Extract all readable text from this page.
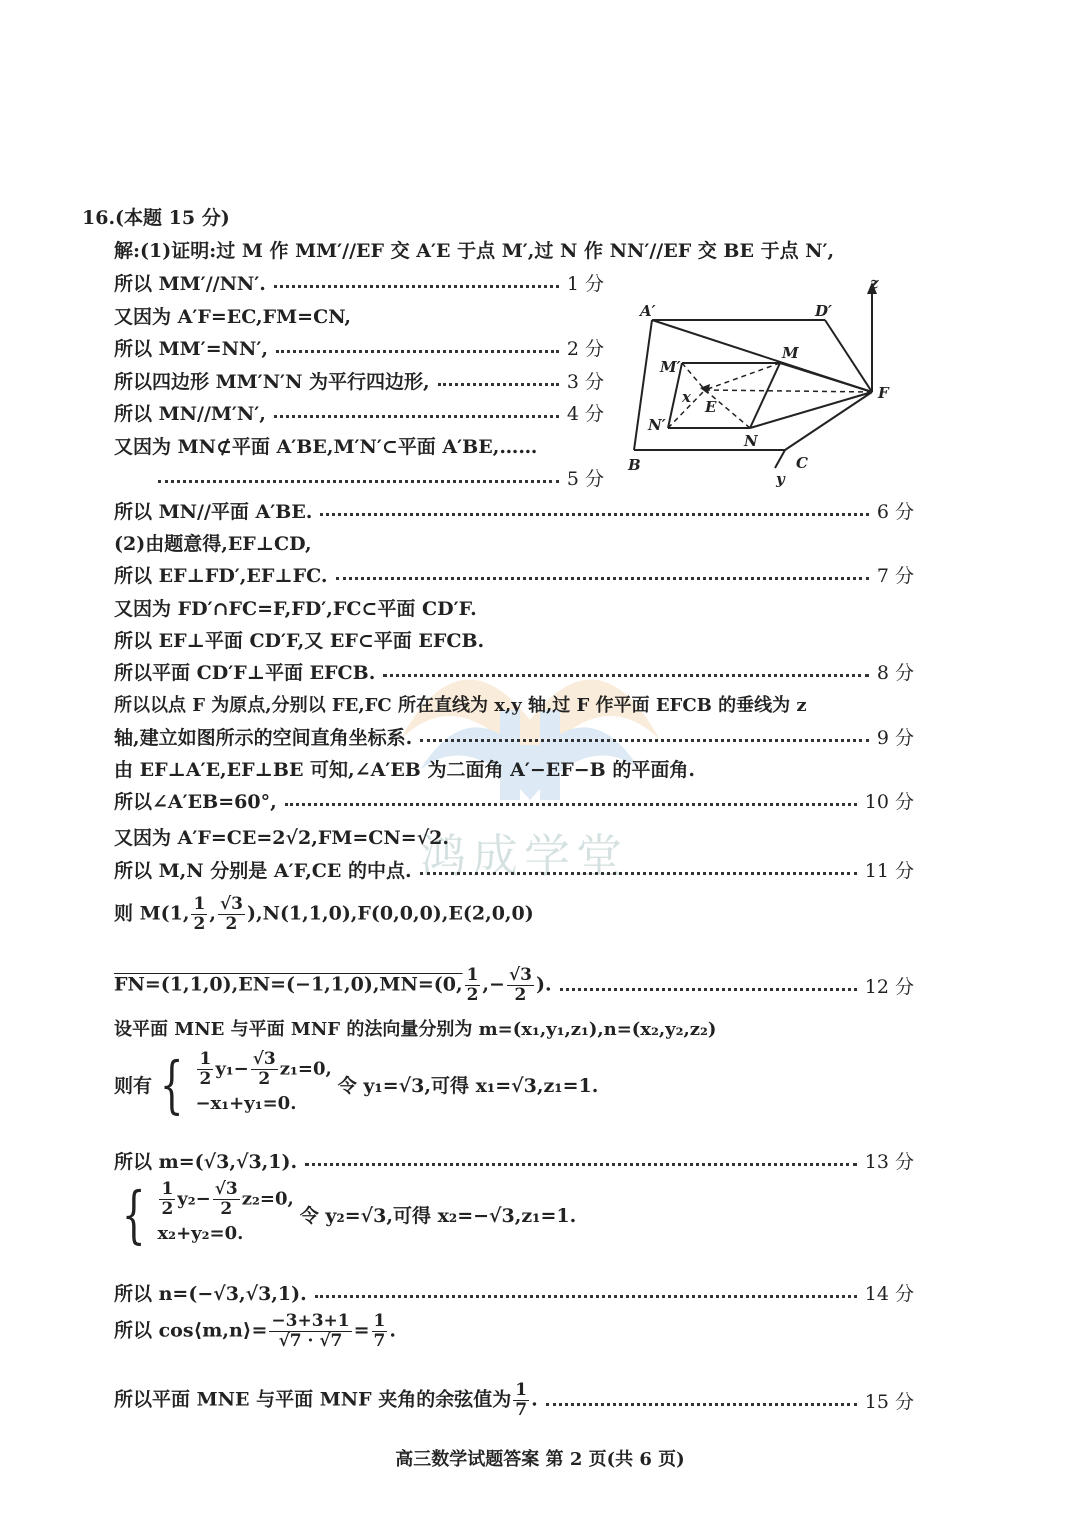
鸿成学堂
16.(本题 15 分)
解:(1)证明:过 M 作 MM′//EF 交 A′E 于点 M′,过 N 作 NN′//EF 交 BE 于点 N′,
所以 MM′//NN′.	1 分
又因为 A′F=EC,FM=CN,
所以 MM′=NN′,	2 分
所以四边形 MM′N′N 为平行四边形,	3 分
所以 MN//M′N′,	4 分
又因为 MN⊄平面 A′BE,M′N′⊂平面 A′BE,……
5 分
所以 MN//平面 A′BE.	6 分
(2)由题意得,EF⊥CD,
所以 EF⊥FD′,EF⊥FC.	7 分
又因为 FD′∩FC=F,FD′,FC⊂平面 CD′F.
所以 EF⊥平面 CD′F,又 EF⊂平面 EFCB.
所以平面 CD′F⊥平面 EFCB.	8 分
所以以点 F 为原点,分别以 FE,FC 所在直线为 x,y 轴,过 F 作平面 EFCB 的垂线为 z
轴,建立如图所示的空间直角坐标系.	9 分
由 EF⊥A′E,EF⊥BE 可知,∠A′EB 为二面角 A′−EF−B 的平面角.
所以∠A′EB=60°,	10 分
又因为 A′F=CE=2√2,FM=CN=√2.
所以 M,N 分别是 A′F,CE 的中点.	11 分
则 M(1, $\frac{1}{2}$ , $\frac{√3}{2} ),N(1,1,0),F(0,0,0),E(2,0,0)$
FN=(1,1,0),EN=(−1,1,0),MN=(0, $\frac{1}{2}$ ,− $\frac{√3}{2}$ ).	12 分
设平面 MNE 与平面 MNF 的法向量分别为 m=(x₁,y₁,z₁),n=(x₂,y₂,z₂)
则有 { $\frac{1}{2} y_1- \frac{√3}{2} z_1=0$,
−x₁+y₁=0.
令 y₁=√3,可得 x₁=√3,z₁=1.
所以 m=(√3,√3,1).	13 分
{ $\frac{1}{2} y_2- \frac{√3}{2} z_2=0$,
x₂+y₂=0.
令 y₂=√3,可得 x₂=−√3,z₁=1.
所以 n=(−√3,√3,1).	14 分
所以 cos⟨m,n⟩= $\frac{-3+3+1}{√7 \cdot √7} = \frac{1}{7}$ .
所以平面 MNE 与平面 MNF 夹角的余弦值为 $\frac{1}{7}$ .	15 分
A′	D′
M
M′
E
x
N′
N
B	C
y
F
z
高三数学试题答案 第 2 页(共 6 页)
